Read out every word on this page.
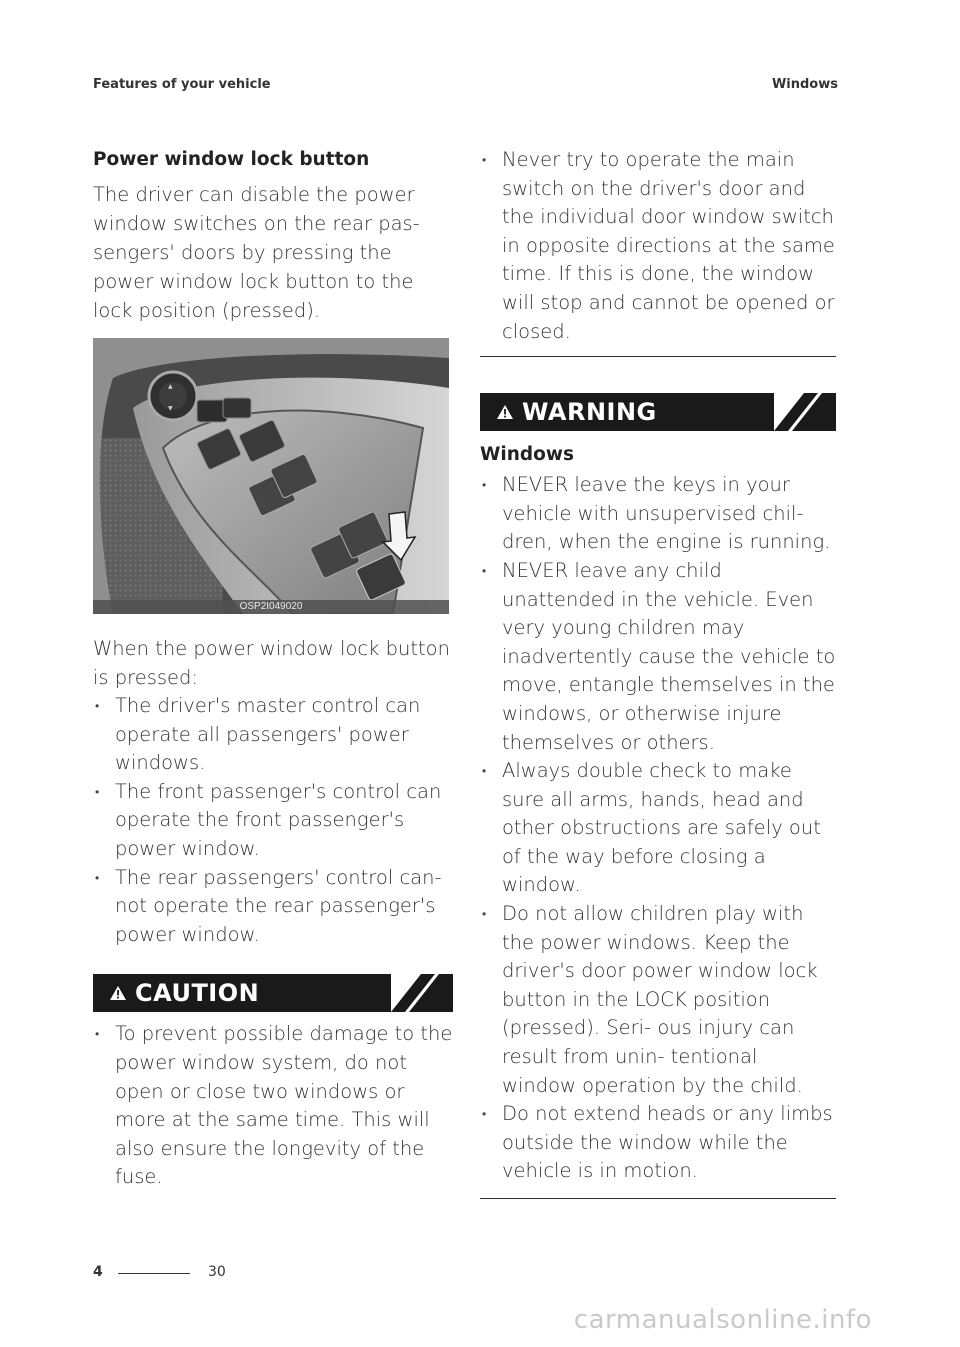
Features of your vehicle	Windows
Power window lock button

The driver can disable the power
window switches on the rear pas-
sengers' doors by pressing the
power window lock button to the
lock position (pressed).

▲
▼
OSP2I049020

When the power window lock button is pressed:

• The driver's master control can operate all passengers' power windows.
• The front passenger's control can operate the front passenger's power window.
• The rear passengers' control can- not operate the rear passenger's power window.
CAUTION
• To prevent possible damage to the power window system, do not open or close two windows or more at the same time. This will also ensure the longevity of the fuse.
• Never try to operate the main switch on the driver's door and the individual door window switch in opposite directions at the same time. If this is done, the window will stop and cannot be opened or closed.
WARNING
Windows
• NEVER leave the keys in your vehicle with unsupervised chil- dren, when the engine is running.
• NEVER leave any child unattended in the vehicle. Even very young children may inadvertently cause the vehicle to move, entangle themselves in the windows, or otherwise injure themselves or others.
• Always double check to make sure all arms, hands, head and other obstructions are safely out of the way before closing a window.
• Do not allow children play with the power windows. Keep the driver's door power window lock button in the LOCK position (pressed). Seri- ous injury can result from unin- tentional window operation by the child.
• Do not extend heads or any limbs outside the window while the vehicle is in motion.
4	30
carmanualsonline.info
